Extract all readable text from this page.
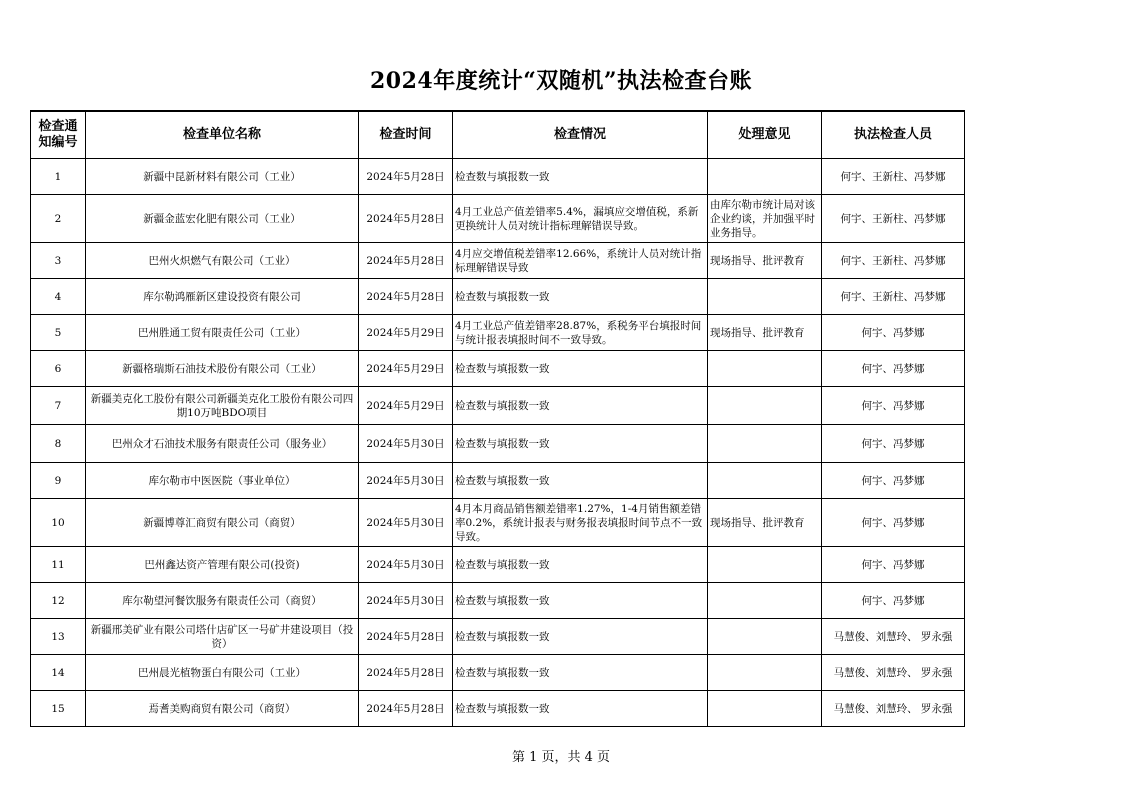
2024年度统计“双随机”执法检查台账
检查通知编号	检查单位名称	检查时间	检查情况	处理意见	执法检查人员
1	新疆中昆新材料有限公司（工业）	2024年5月28日	检查数与填报数一致		何宇、王新柱、冯梦娜
2	新疆金蓝宏化肥有限公司（工业）	2024年5月28日	4月工业总产值差错率5.4%，漏填应交增值税，系新更换统计人员对统计指标理解错误导致。	由库尔勒市统计局对该企业约谈，并加强平时业务指导。	何宇、王新柱、冯梦娜
3	巴州火炽燃气有限公司（工业）	2024年5月28日	4月应交增值税差错率12.66%，系统计人员对统计指标理解错误导致	现场指导、批评教育	何宇、王新柱、冯梦娜
4	库尔勒鸿雁新区建设投资有限公司	2024年5月28日	检查数与填报数一致		何宇、王新柱、冯梦娜
5	巴州胜通工贸有限责任公司（工业）	2024年5月29日	4月工业总产值差错率28.87%，系税务平台填报时间与统计报表填报时间不一致导致。	现场指导、批评教育	何宇、冯梦娜
6	新疆格瑞斯石油技术股份有限公司（工业）	2024年5月29日	检查数与填报数一致		何宇、冯梦娜
7	新疆美克化工股份有限公司新疆美克化工股份有限公司四期10万吨BDO项目	2024年5月29日	检查数与填报数一致		何宇、冯梦娜
8	巴州众才石油技术服务有限责任公司（服务业）	2024年5月30日	检查数与填报数一致		何宇、冯梦娜
9	库尔勒市中医医院（事业单位）	2024年5月30日	检查数与填报数一致		何宇、冯梦娜
10	新疆博尊汇商贸有限公司（商贸）	2024年5月30日	4月本月商品销售额差错率1.27%，1-4月销售额差错率0.2%，系统计报表与财务报表填报时间节点不一致导致。	现场指导、批评教育	何宇、冯梦娜
11	巴州鑫达资产管理有限公司(投资)	2024年5月30日	检查数与填报数一致		何宇、冯梦娜
12	库尔勒望河餐饮服务有限责任公司（商贸）	2024年5月30日	检查数与填报数一致		何宇、冯梦娜
13	新疆邢美矿业有限公司塔什店矿区一号矿井建设项目（投资）	2024年5月28日	检查数与填报数一致		马慧俊、刘慧玲、 罗永强
14	巴州晨光植物蛋白有限公司（工业）	2024年5月28日	检查数与填报数一致		马慧俊、刘慧玲、 罗永强
15	焉耆美购商贸有限公司（商贸）	2024年5月28日	检查数与填报数一致		马慧俊、刘慧玲、 罗永强
第 1 页，共 4 页
